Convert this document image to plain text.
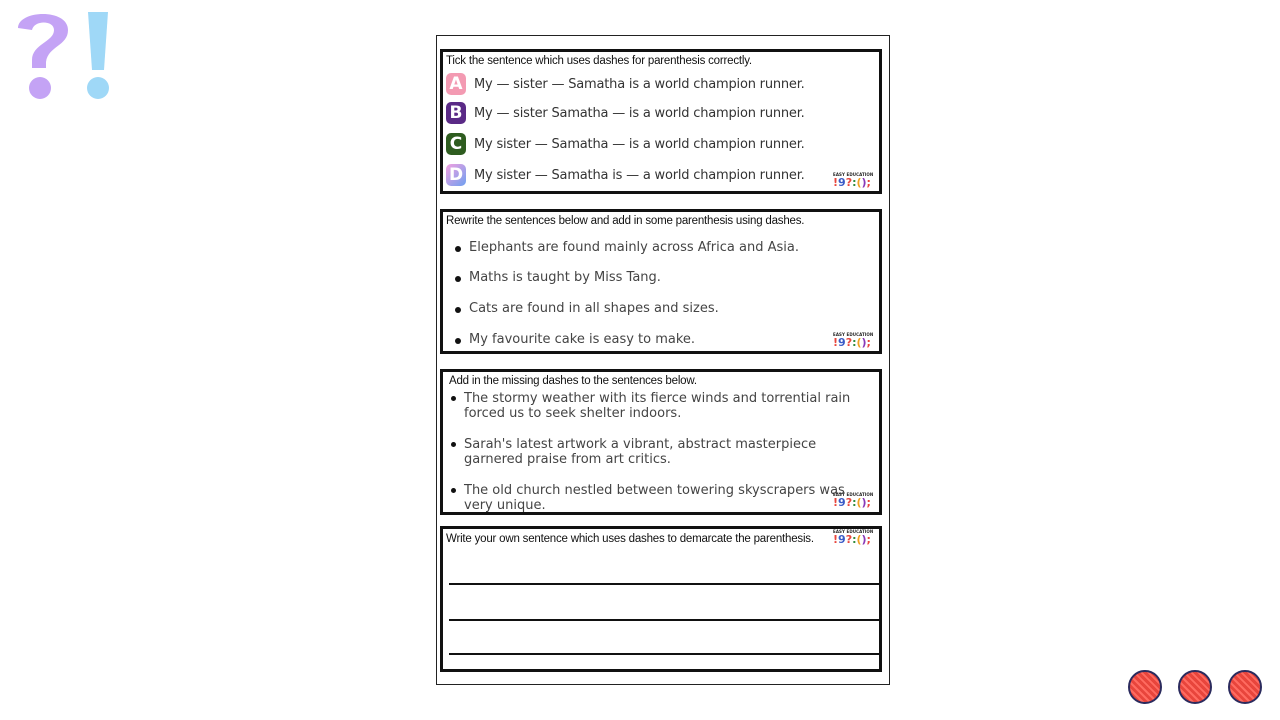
Tick the sentence which uses dashes for parenthesis correctly.
A My — sister — Samatha is a world champion runner.
B My — sister Samatha — is a world champion runner.
C My sister — Samatha — is a world champion runner.
D My sister — Samatha is — a world champion runner.	EASY EDUCATION
! 9 ? : ( ) ;
Rewrite the sentences below and add in some parenthesis using dashes.
Elephants are found mainly across Africa and Asia.
Maths is taught by Miss Tang.
Cats are found in all shapes and sizes.
My favourite cake is easy to make.	EASY EDUCATION
! 9 ? : ( ) ;
Add in the missing dashes to the sentences below.
The stormy weather with its fierce winds and torrential rain
forced us to seek shelter indoors.
Sarah's latest artwork a vibrant, abstract masterpiece
garnered praise from art critics.
The old church nestled between towering skyscrapers was
very unique.
EASY EDUCATION
! 9 ? : ( ) ;
Write your own sentence which uses dashes to demarcate the parenthesis.
EASY EDUCATION
! 9 ? : ( ) ;
